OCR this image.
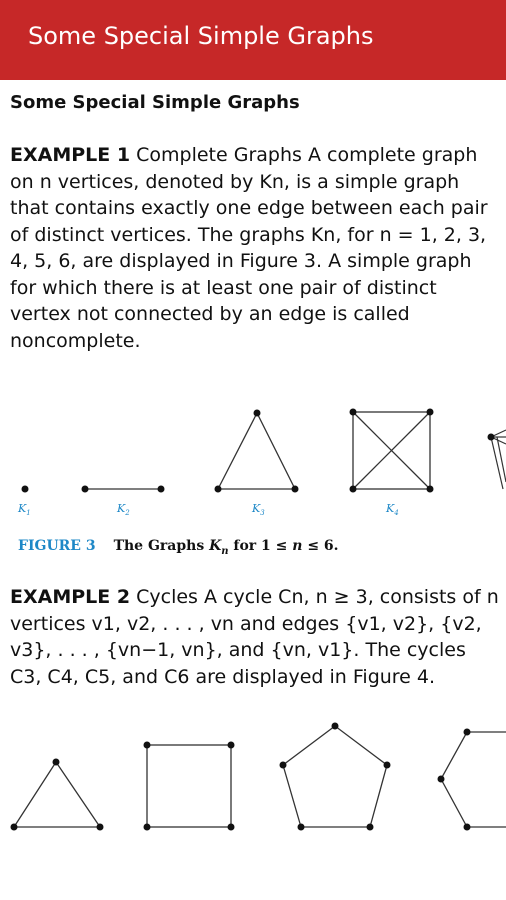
Some Special Simple Graphs
Some Special Simple Graphs
EXAMPLE 1 Complete Graphs A complete graph on n vertices, denoted by Kn, is a simple graph that contains exactly one edge between each pair of distinct vertices. The graphs Kn, for n = 1, 2, 3, 4, 5, 6, are displayed in Figure 3. A simple graph for which there is at least one pair of distinct vertex not connected by an edge is called noncomplete.
$K_1$	$K_2$	$K_3$	$K_4$
FIGURE 3 The Graphs $K_n$ for 1 ≤ n ≤ 6.
EXAMPLE 2 Cycles A cycle Cn, n ≥ 3, consists of n vertices v1, v2, . . . , vn and edges {v1, v2}, {v2, v3}, . . . , {vn−1, vn}, and {vn, v1}. The cycles C3, C4, C5, and C6 are displayed in Figure 4.
